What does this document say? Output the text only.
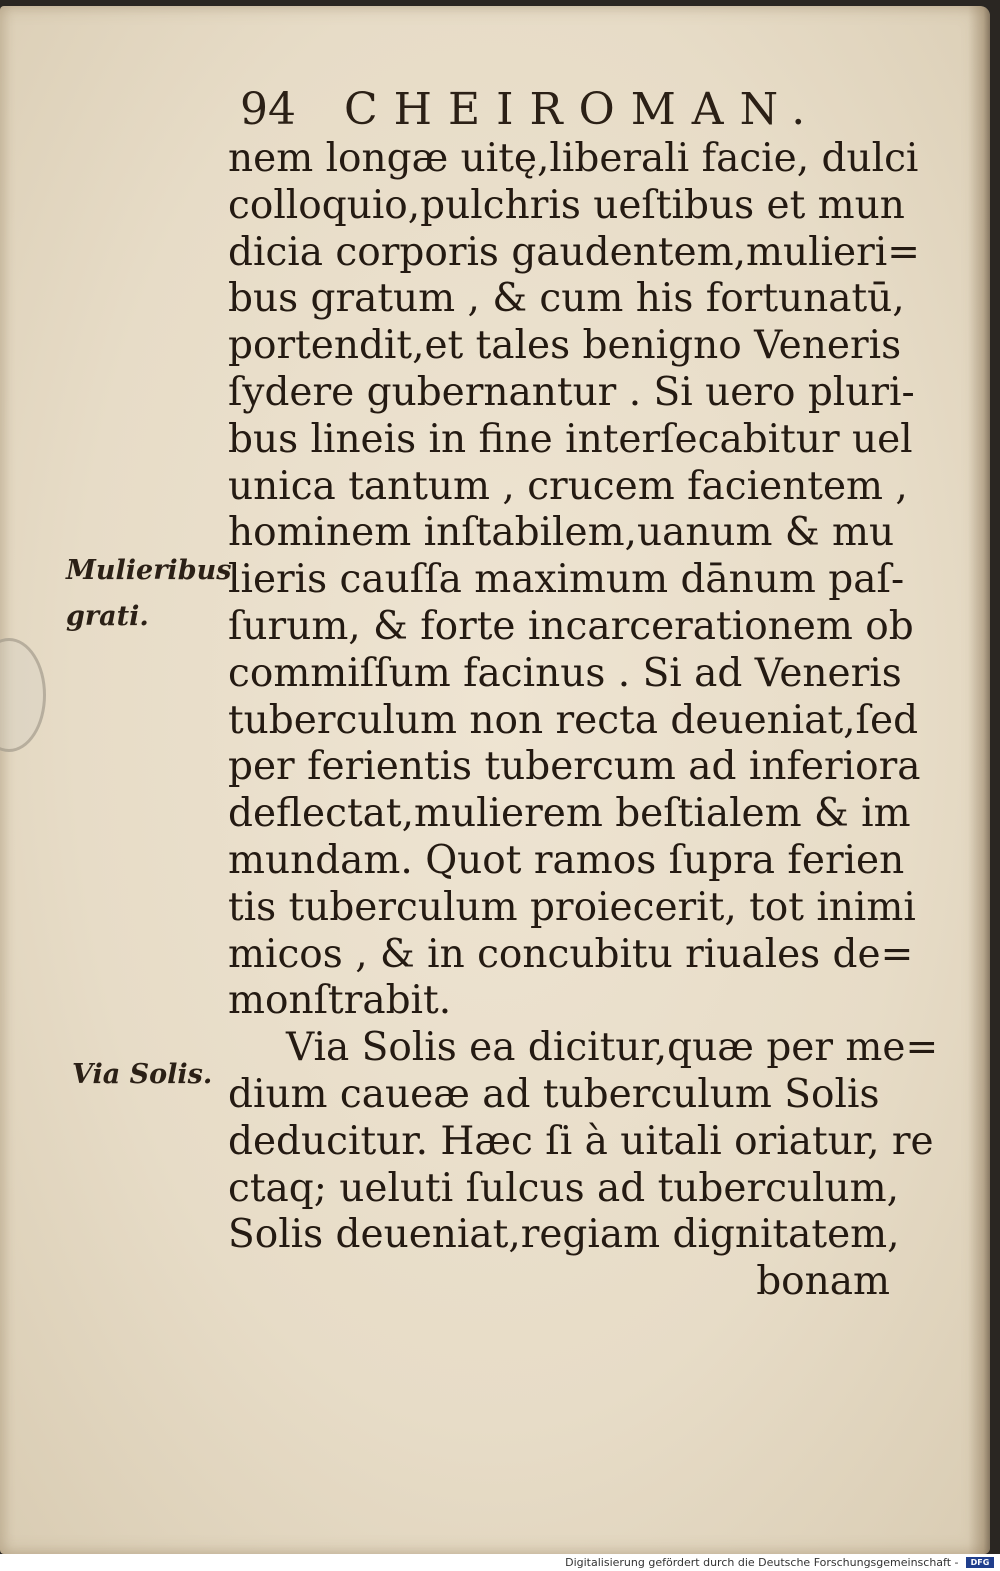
94 CHEIROMAN.
Mulieribus
grati.
Via Solis.
nem longæ uitę,liberali facie, dulci
colloquio,pulchris ueſtibus et mun
dicia corporis gaudentem,mulieri=
bus gratum , & cum his fortunatū,
portendit,et tales benigno Veneris
ſydere gubernantur . Si uero pluri-
bus lineis in fine interſecabitur uel
unica tantum , crucem facientem ,
hominem inſtabilem,uanum & mu
lieris cauſſa maximum dānum paſ-
ſurum, & forte incarcerationem ob
commiſſum facinus . Si ad Veneris
tuberculum non recta deueniat,ſed
per ferientis tubercum ad inferiora
deflectat,mulierem beſtialem & im
mundam. Quot ramos ſupra ferien
tis tuberculum proiecerit, tot inimi
micos , & in concubitu riuales de=
monſtrabit.
Via Solis ea dicitur,quæ per me=
dium caueæ ad tuberculum Solis
deducitur. Hæc ſi à uitali oriatur, re
ctaq; ueluti ſulcus ad tuberculum,
Solis deueniat,regiam dignitatem,
bonam
Digitalisierung gefördert durch die Deutsche Forschungsgemeinschaft - DFG
